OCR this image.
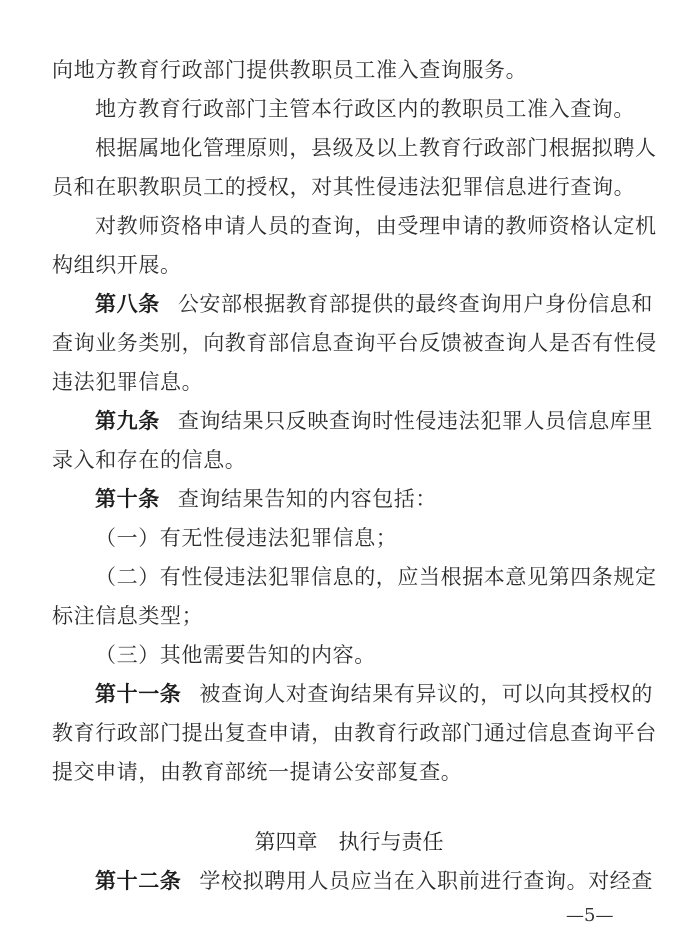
向地方教育行政部门提供教职员工准入查询服务。
地方教育行政部门主管本行政区内的教职员工准入查询。
根据属地化管理原则，县级及以上教育行政部门根据拟聘人
员和在职教职员工的授权，对其性侵违法犯罪信息进行查询。
对教师资格申请人员的查询，由受理申请的教师资格认定机
构组织开展。
第八条 公安部根据教育部提供的最终查询用户身份信息和
查询业务类别，向教育部信息查询平台反馈被查询人是否有性侵
违法犯罪信息。
第九条 查询结果只反映查询时性侵违法犯罪人员信息库里
录入和存在的信息。
第十条 查询结果告知的内容包括：
（一）有无性侵违法犯罪信息；
（二）有性侵违法犯罪信息的，应当根据本意见第四条规定
标注信息类型；
（三）其他需要告知的内容。
第十一条 被查询人对查询结果有异议的，可以向其授权的
教育行政部门提出复查申请，由教育行政部门通过信息查询平台
提交申请，由教育部统一提请公安部复查。
第四章　执行与责任
第十二条 学校拟聘用人员应当在入职前进行查询。对经查
—5—
